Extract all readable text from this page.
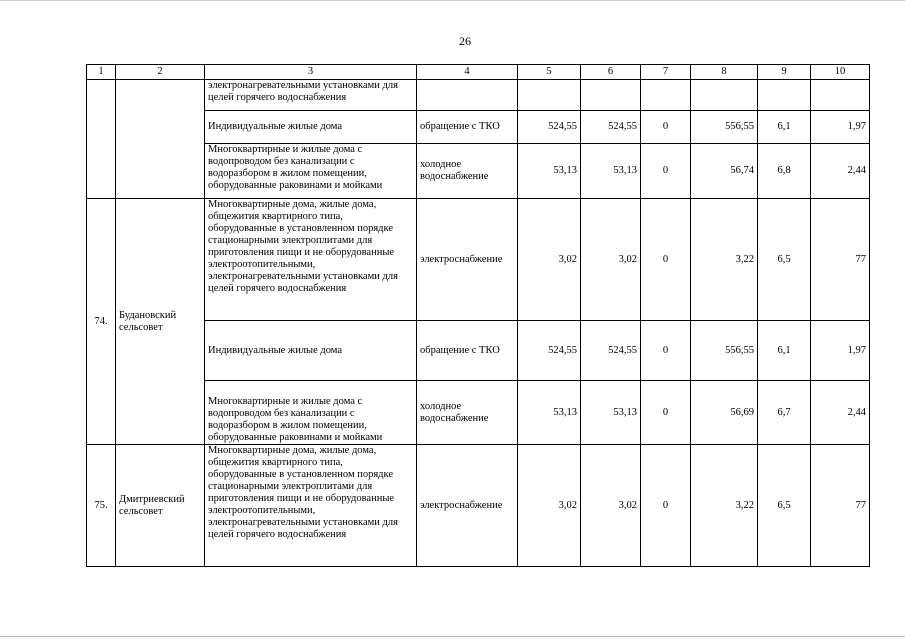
26
1	2	3	4	5	6	7	8	9	10
		электронагревательными установками для целей горячего водоснабжения							
		Индивидуальные жилые дома	обращение с ТКО	524,55	524,55	0	556,55	6,1	1,97
		Многоквартирные и жилые дома с водопроводом без канализации с водоразбором в жилом помещении, оборудованные раковинами и мойками	холодное водоснабжение	53,13	53,13	0	56,74	6,8	2,44
74.	Будановский сельсовет	Многоквартирные дома, жилые дома, общежития квартирного типа, оборудованные в установленном порядке стационарными электроплитами для приготовления пищи и не оборудованные электроотопительными, электронагревательными установками для целей горячего водоснабжения	электроснабжение	3,02	3,02	0	3,22	6,5	77
		Индивидуальные жилые дома	обращение с ТКО	524,55	524,55	0	556,55	6,1	1,97
		Многоквартирные и жилые дома с водопроводом без канализации с водоразбором в жилом помещении, оборудованные раковинами и мойками	холодное водоснабжение	53,13	53,13	0	56,69	6,7	2,44
75.	Дмитриевский сельсовет	Многоквартирные дома, жилые дома, общежития квартирного типа, оборудованные в установленном порядке стационарными электроплитами для приготовления пищи и не оборудованные электроотопительными, электронагревательными установками для целей горячего водоснабжения	электроснабжение	3,02	3,02	0	3,22	6,5	77
